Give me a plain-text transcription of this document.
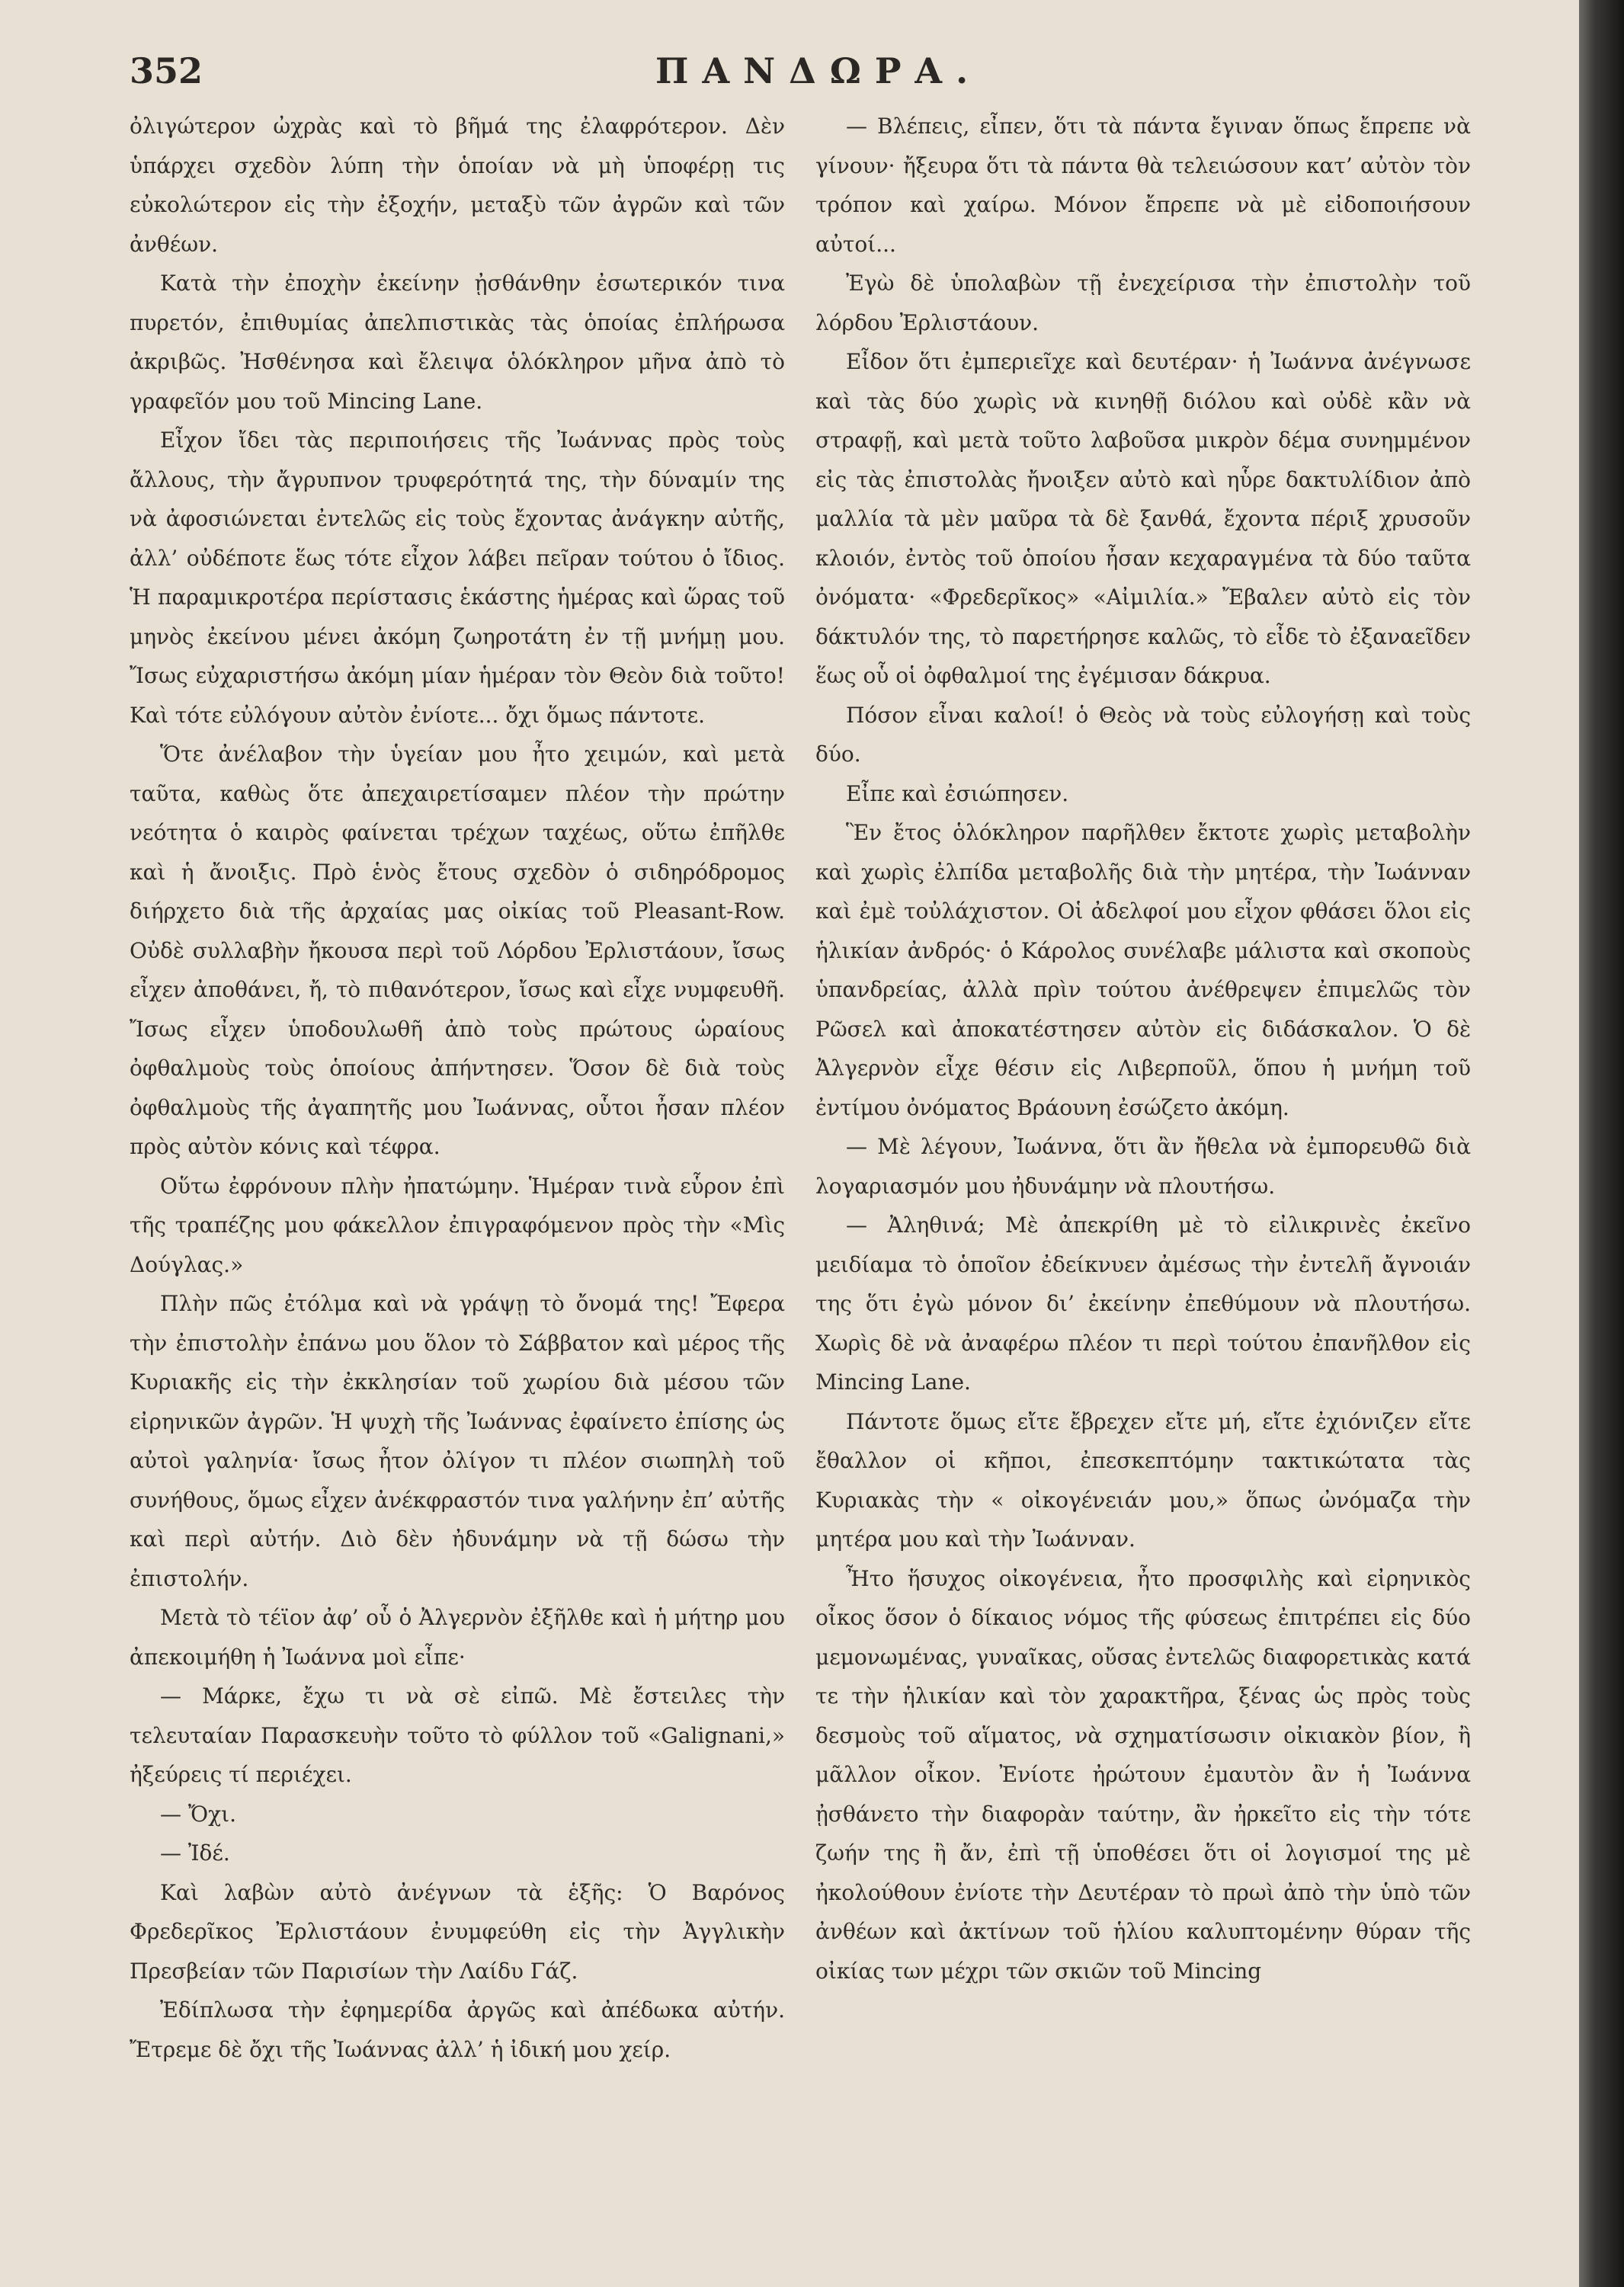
352	ΠΑΝΔΩΡΑ.

ὀλιγώτερον ὠχρὰς καὶ τὸ βῆμά της ἐλαφρότερον. Δὲν ὑπάρχει σχεδὸν λύπη τὴν ὁποίαν νὰ μὴ ὑποφέρῃ τις εὐκολώτερον εἰς τὴν ἐξοχήν, μεταξὺ τῶν ἀγρῶν καὶ τῶν ἀνθέων.

Κατὰ τὴν ἐποχὴν ἐκείνην ᾐσθάνθην ἐσωτερικόν τινα πυρετόν, ἐπιθυμίας ἀπελπιστικὰς τὰς ὁποίας ἐπλήρωσα ἀκριβῶς. Ἠσθένησα καὶ ἔλειψα ὁλόκληρον μῆνα ἀπὸ τὸ γραφεῖόν μου τοῦ Mincing Lane.

Εἶχον ἴδει τὰς περιποιήσεις τῆς Ἰωάννας πρὸς τοὺς ἄλλους, τὴν ἄγρυπνον τρυφερότητά της, τὴν δύναμίν της νὰ ἀφοσιώνεται ἐντελῶς εἰς τοὺς ἔχοντας ἀνάγκην αὐτῆς, ἀλλ’ οὐδέποτε ἕως τότε εἶχον λάβει πεῖραν τούτου ὁ ἴδιος. Ἡ παραμικροτέρα περίστασις ἑκάστης ἡμέρας καὶ ὥρας τοῦ μηνὸς ἐκείνου μένει ἀκόμη ζωηροτάτη ἐν τῇ μνήμῃ μου. Ἴσως εὐχαριστήσω ἀκόμη μίαν ἡμέραν τὸν Θεὸν διὰ τοῦτο! Καὶ τότε εὐλόγουν αὐτὸν ἐνίοτε... ὄχι ὅμως πάντοτε.

Ὅτε ἀνέλαβον τὴν ὑγείαν μου ἦτο χειμών, καὶ μετὰ ταῦτα, καθὼς ὅτε ἀπεχαιρετίσαμεν πλέον τὴν πρώτην νεότητα ὁ καιρὸς φαίνεται τρέχων ταχέως, οὕτω ἐπῆλθε καὶ ἡ ἄνοιξις. Πρὸ ἑνὸς ἔτους σχεδὸν ὁ σιδηρόδρομος διήρχετο διὰ τῆς ἀρχαίας μας οἰκίας τοῦ Pleasant-Row. Οὐδὲ συλλαβὴν ἤκουσα περὶ τοῦ Λόρδου Ἐρλιστάουν, ἴσως εἶχεν ἀποθάνει, ἤ, τὸ πιθανότερον, ἴσως καὶ εἶχε νυμφευθῆ. Ἴσως εἶχεν ὑποδουλωθῆ ἀπὸ τοὺς πρώτους ὡραίους ὀφθαλμοὺς τοὺς ὁποίους ἀπήντησεν. Ὅσον δὲ διὰ τοὺς ὀφθαλμοὺς τῆς ἀγαπητῆς μου Ἰωάννας, οὗτοι ἦσαν πλέον πρὸς αὐτὸν κόνις καὶ τέφρα.

Οὕτω ἐφρόνουν πλὴν ἠπατώμην. Ἡμέραν τινὰ εὗρον ἐπὶ τῆς τραπέζης μου φάκελλον ἐπιγραφόμενον πρὸς τὴν «Μὶς Δούγλας.»

Πλὴν πῶς ἐτόλμα καὶ νὰ γράψῃ τὸ ὄνομά της! Ἔφερα τὴν ἐπιστολὴν ἐπάνω μου ὅλον τὸ Σάββατον καὶ μέρος τῆς Κυριακῆς εἰς τὴν ἐκκλησίαν τοῦ χωρίου διὰ μέσου τῶν εἰρηνικῶν ἀγρῶν. Ἡ ψυχὴ τῆς Ἰωάννας ἐφαίνετο ἐπίσης ὡς αὐτοὶ γαληνία· ἴσως ἦτον ὀλίγον τι πλέον σιωπηλὴ τοῦ συνήθους, ὅμως εἶχεν ἀνέκφραστόν τινα γαλήνην ἐπ’ αὐτῆς καὶ περὶ αὐτήν. Διὸ δὲν ἠδυνάμην νὰ τῇ δώσω τὴν ἐπιστολήν.

Μετὰ τὸ τέϊον ἀφ’ οὗ ὁ Ἀλγερνὸν ἐξῆλθε καὶ ἡ μήτηρ μου ἀπεκοιμήθη ἡ Ἰωάννα μοὶ εἶπε·

— Μάρκε, ἔχω τι νὰ σὲ εἰπῶ. Μὲ ἔστειλες τὴν τελευταίαν Παρασκευὴν τοῦτο τὸ φύλλον τοῦ «Galignani,» ἠξεύρεις τί περιέχει.

— Ὄχι.

— Ἰδέ.

Καὶ λαβὼν αὐτὸ ἀνέγνων τὰ ἑξῆς: Ὁ Βαρόνος Φρεδερῖκος Ἐρλιστάουν ἐνυμφεύθη εἰς τὴν Ἀγγλικὴν Πρεσβείαν τῶν Παρισίων τὴν Λαίδυ Γάζ.

Ἐδίπλωσα τὴν ἐφημερίδα ἀργῶς καὶ ἀπέδωκα αὐτήν. Ἔτρεμε δὲ ὄχι τῆς Ἰωάννας ἀλλ’ ἡ ἰδική μου χείρ.

— Βλέπεις, εἶπεν, ὅτι τὰ πάντα ἔγιναν ὅπως ἔπρεπε νὰ γίνουν· ἤξευρα ὅτι τὰ πάντα θὰ τελειώσουν κατ’ αὐτὸν τὸν τρόπον καὶ χαίρω. Μόνον ἔπρεπε νὰ μὲ εἰδοποιήσουν αὐτοί...

Ἐγὼ δὲ ὑπολαβὼν τῇ ἐνεχείρισα τὴν ἐπιστολὴν τοῦ λόρδου Ἐρλιστάουν.

Εἶδον ὅτι ἐμπεριεῖχε καὶ δευτέραν· ἡ Ἰωάννα ἀνέγνωσε καὶ τὰς δύο χωρὶς νὰ κινηθῇ διόλου καὶ οὐδὲ κἂν νὰ στραφῇ, καὶ μετὰ τοῦτο λαβοῦσα μικρὸν δέμα συνημμένον εἰς τὰς ἐπιστολὰς ἤνοιξεν αὐτὸ καὶ ηὗρε δακτυλίδιον ἀπὸ μαλλία τὰ μὲν μαῦρα τὰ δὲ ξανθά, ἔχοντα πέριξ χρυσοῦν κλοιόν, ἐντὸς τοῦ ὁποίου ἦσαν κεχαραγμένα τὰ δύο ταῦτα ὀνόματα· «Φρεδερῖκος» «Αἰμιλία.» Ἔβαλεν αὐτὸ εἰς τὸν δάκτυλόν της, τὸ παρετήρησε καλῶς, τὸ εἶδε τὸ ἐξαναεῖδεν ἕως οὗ οἱ ὀφθαλμοί της ἐγέμισαν δάκρυα.

Πόσον εἶναι καλοί! ὁ Θεὸς νὰ τοὺς εὐλογήσῃ καὶ τοὺς δύο.

Εἶπε καὶ ἐσιώπησεν.

Ἓν ἔτος ὁλόκληρον παρῆλθεν ἔκτοτε χωρὶς μεταβολὴν καὶ χωρὶς ἐλπίδα μεταβολῆς διὰ τὴν μητέρα, τὴν Ἰωάνναν καὶ ἐμὲ τοὐλάχιστον. Οἱ ἀδελφοί μου εἶχον φθάσει ὅλοι εἰς ἡλικίαν ἀνδρός· ὁ Κάρολος συνέλαβε μάλιστα καὶ σκοποὺς ὑπανδρείας, ἀλλὰ πρὶν τούτου ἀνέθρεψεν ἐπιμελῶς τὸν Ρῶσελ καὶ ἀποκατέστησεν αὐτὸν εἰς διδάσκαλον. Ὁ δὲ Ἀλγερνὸν εἶχε θέσιν εἰς Λιβερποῦλ, ὅπου ἡ μνήμη τοῦ ἐντίμου ὀνόματος Βράουνη ἐσώζετο ἀκόμη.

— Μὲ λέγουν, Ἰωάννα, ὅτι ἂν ἤθελα νὰ ἐμπορευθῶ διὰ λογαριασμόν μου ἠδυνάμην νὰ πλουτήσω.

— Ἀληθινά; Μὲ ἀπεκρίθη μὲ τὸ εἰλικρινὲς ἐκεῖνο μειδίαμα τὸ ὁποῖον ἐδείκνυεν ἀμέσως τὴν ἐντελῆ ἄγνοιάν της ὅτι ἐγὼ μόνον δι’ ἐκείνην ἐπεθύμουν νὰ πλουτήσω. Χωρὶς δὲ νὰ ἀναφέρω πλέον τι περὶ τούτου ἐπανῆλθον εἰς Mincing Lane.

Πάντοτε ὅμως εἴτε ἔβρεχεν εἴτε μή, εἴτε ἐχιόνιζεν εἴτε ἔθαλλον οἱ κῆποι, ἐπεσκεπτόμην τακτικώτατα τὰς Κυριακὰς τὴν « οἰκογένειάν μου,» ὅπως ὠνόμαζα τὴν μητέρα μου καὶ τὴν Ἰωάνναν.

Ἦτο ἥσυχος οἰκογένεια, ἦτο προσφιλὴς καὶ εἰρηνικὸς οἶκος ὅσον ὁ δίκαιος νόμος τῆς φύσεως ἐπιτρέπει εἰς δύο μεμονωμένας, γυναῖκας, οὔσας ἐντελῶς διαφορετικὰς κατά τε τὴν ἡλικίαν καὶ τὸν χαρακτῆρα, ξένας ὡς πρὸς τοὺς δεσμοὺς τοῦ αἵματος, νὰ σχηματίσωσιν οἰκιακὸν βίον, ἢ μᾶλλον οἶκον. Ἐνίοτε ἠρώτουν ἐμαυτὸν ἂν ἡ Ἰωάννα ᾐσθάνετο τὴν διαφορὰν ταύτην, ἂν ἠρκεῖτο εἰς τὴν τότε ζωήν της ἢ ἄν, ἐπὶ τῇ ὑποθέσει ὅτι οἱ λογισμοί της μὲ ἠκολούθουν ἐνίοτε τὴν Δευτέραν τὸ πρωὶ ἀπὸ τὴν ὑπὸ τῶν ἀνθέων καὶ ἀκτίνων τοῦ ἡλίου καλυπτομένην θύραν τῆς οἰκίας των μέχρι τῶν σκιῶν τοῦ Mincing
